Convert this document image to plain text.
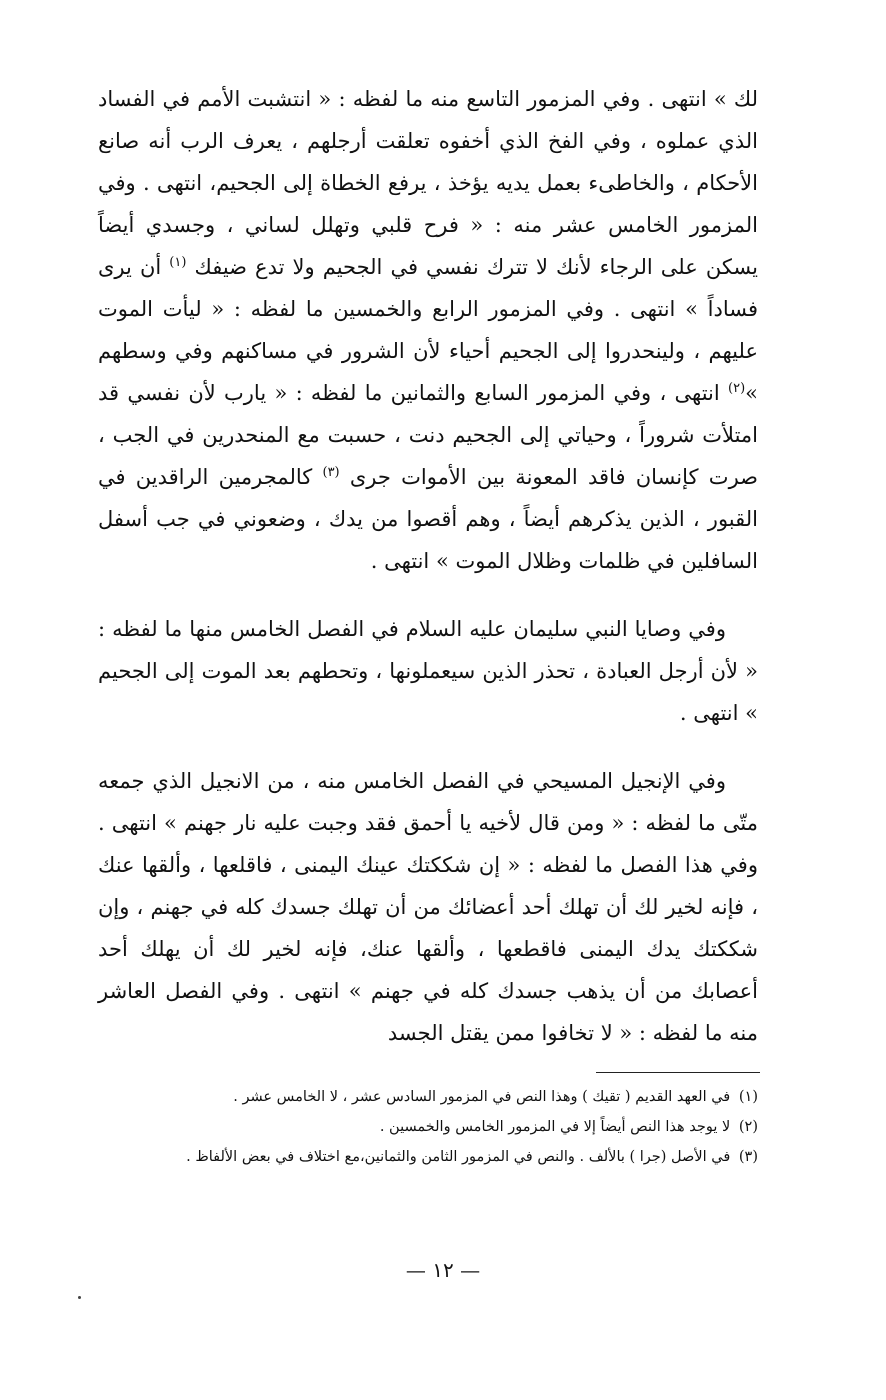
لك » انتهى . وفي المزمور التاسع منه ما لفظه : « انتشبت الأمم في الفساد الذي عملوه ، وفي الفخ الذي أخفوه تعلقت أرجلهم ، يعرف الرب أنه صانع الأحكام ، والخاطىء بعمل يديه يؤخذ ، يرفع الخطاة إلى الجحيم، انتهى . وفي المزمور الخامس عشر منه : « فرح قلبي وتهلل لساني ، وجسدي أيضاً يسكن على الرجاء لأنك لا تترك نفسي في الجحيم ولا تدع ضيفك $^{(١)}$ أن يرى فساداً » انتهى . وفي المزمور الرابع والخمسين ما لفظه : « ليأت الموت عليهم ، ولينحدروا إلى الجحيم أحياء لأن الشرور في مساكنهم وفي وسطهم »$^{(٢)}$ انتهى ، وفي المزمور السابع والثمانين ما لفظه : « يارب لأن نفسي قد امتلأت شروراً ، وحياتي إلى الجحيم دنت ، حسبت مع المنحدرين في الجب ، صرت كإنسان فاقد المعونة بين الأموات جرى $^{(٣)}$ كالمجرمين الراقدين في القبور ، الذين يذكرهم أيضاً ، وهم أقصوا من يدك ، وضعوني في جب أسفل السافلين في ظلمات وظلال الموت » انتهى .

وفي وصايا النبي سليمان عليه السلام في الفصل الخامس منها ما لفظه : « لأن أرجل العبادة ، تحذر الذين سيعملونها ، وتحطهم بعد الموت إلى الجحيم » انتهى .

وفي الإنجيل المسيحي في الفصل الخامس منه ، من الانجيل الذي جمعه متّى ما لفظه : « ومن قال لأخيه يا أحمق فقد وجبت عليه نار جهنم » انتهى . وفي هذا الفصل ما لفظه : « إن شككتك عينك اليمنى ، فاقلعها ، وألقها عنك ، فإنه لخير لك أن تهلك أحد أعضائك من أن تهلك جسدك كله في جهنم ، وإن شككتك يدك اليمنى فاقطعها ، وألقها عنك، فإنه لخير لك أن يهلك أحد أعصابك من أن يذهب جسدك كله في جهنم » انتهى . وفي الفصل العاشر منه ما لفظه : « لا تخافوا ممن يقتل الجسد

(١) في العهد القديم ( تقيك ) وهذا النص في المزمور السادس عشر ، لا الخامس عشر .

(٢) لا يوجد هذا النص أيضاً إلا في المزمور الخامس والخمسين .

(٣) في الأصل (جرا ) بالألف . والنص في المزمور الثامن والثمانين،مع اختلاف في بعض الألفاظ .

— ١٢ —
